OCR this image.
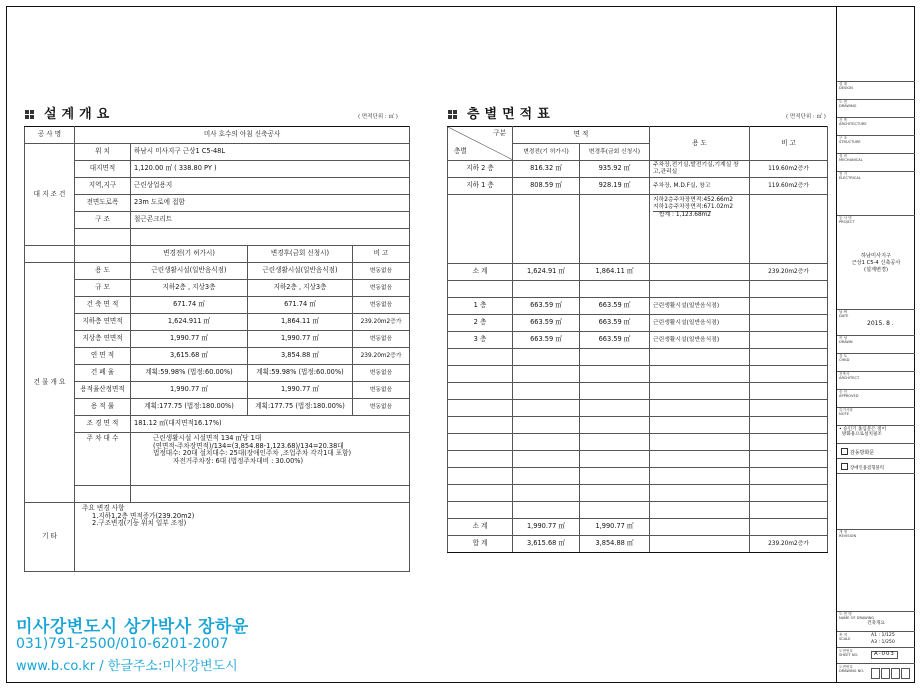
설계개요	( 면적단위 : ㎡ )
공 사 명	미사 호수의 아침 신축공사			
대 지 조 건	위 치	하남시 미사지구 근상1 C5-48L		
	대지면적	1,120.00 ㎡ ( 338.80 PY )		
	지역,지구	근린상업용지		
	전면도로폭	23m 도로에 접함		
	구 조	철근콘크리트		

		변경전(기 허가시)	변경후(금회 신청시)	비 고
건 물 개 요	용 도	근린생활시설(일반음식점)	근린생활시설(일반음식점)	변동없음
	규 모	지하2층 , 지상3층	지하2층 , 지상3층	변동없음
	건 축 면 적	671.74 ㎡	671.74 ㎡	변동없음
	지하층 연면적	1,624.911 ㎡	1,864.11 ㎡	239.20m2증가
	지상층 연면적	1,990.77 ㎡	1,990.77 ㎡	변동없음
	연 면 적	3,615.68 ㎡	3,854.88 ㎡	239.20m2증가
	건 폐 율	계획:59.98% (법정:60.00%)	계획:59.98% (법정:60.00%)	변동없음
	용적율산정면적	1,990.77 ㎡	1,990.77 ㎡	변동없음
	용 적 률	계획:177.75 (법정:180.00%)	계획:177.75 (법정:180.00%)	변동없음
	조 경 면 적	181.12 ㎡(대지면적16.17%)		
	주 차 대 수	근린생활시설 시설면적 134 ㎡당 1대
(연면적-주차장면적)/134=(3,854.88-1,123.68)/134=20.38대
법정대수: 20대 설치대수: 25대(장애인주차 ,조업주차 각각1대 포함)
자전거주차장: 6대 (법정주차대비 : 30.00%)		

기 타	주요 변경 사항
1.지하1,2층 면적증가(239.20m2)
2.구조변경(기둥 위치 일부 조정)			
층별면적표	( 면적단위 : ㎡ )
구분
층별	면 적		용 도	비 고
	변경전(기 허가시)	변경후(금회 신청시)		
지하 2 층	816.32 ㎡	935.92 ㎡	주차장,전기실,발전기실,기계실 창고,관리실	119.60m2증가
지하 1 층	808.59 ㎡	928.19 ㎡	주차장, M.D.F실, 창고	119.60m2증가

			지하2층주차장면적:452.66m2
지하1층주차장면적:671.02m2
합계 : 1,123.68m2	
소 계	1,624.91 ㎡	1,864.11 ㎡		239.20m2증가

1 층	663.59 ㎡	663.59 ㎡	근린생활시설(일반음식점)	
2 층	663.59 ㎡	663.59 ㎡	근린생활시설(일반음식점)	
3 층	663.59 ㎡	663.59 ㎡	근린생활시설(일반음식점)	

소 계	1,990.77 ㎡	1,990.77 ㎡		
합 계	3,615.68 ㎡	3,854.88 ㎡		239.20m2증가
설 계
DESIGN
도 면
DRAWING
건 축
ARCHITECTURE
구 조
STRUCTURE
설 비
MECHANICAL
전 기
ELECTRICAL
공 사 명
PROJECT
하남미사지구
근상1 C5-4 신축공사
(설계변경)
날 짜
DATE
2015. 8 .
작 성
DRAWN
검 토
CHKD
건축사
ARCHITECT
승 인
APPROVED
특기사항
NOTE
• 승인기 홈입문은 절이
방화용으로설치필조
감동방화문
장애인용점형블럭
개 정
REVISION
도 면 명
NAME OF DRAWING
건축개요
축 척
SCALE
A1 : 1/125
A3 : 1/250
도면번호
SHEET NO.	A-003
도면번호
DRAWING NO.
미사강변도시 상가박사 장하윤
031)791-2500/010-6201-2007
www.b.co.kr / 한글주소:미사강변도시
